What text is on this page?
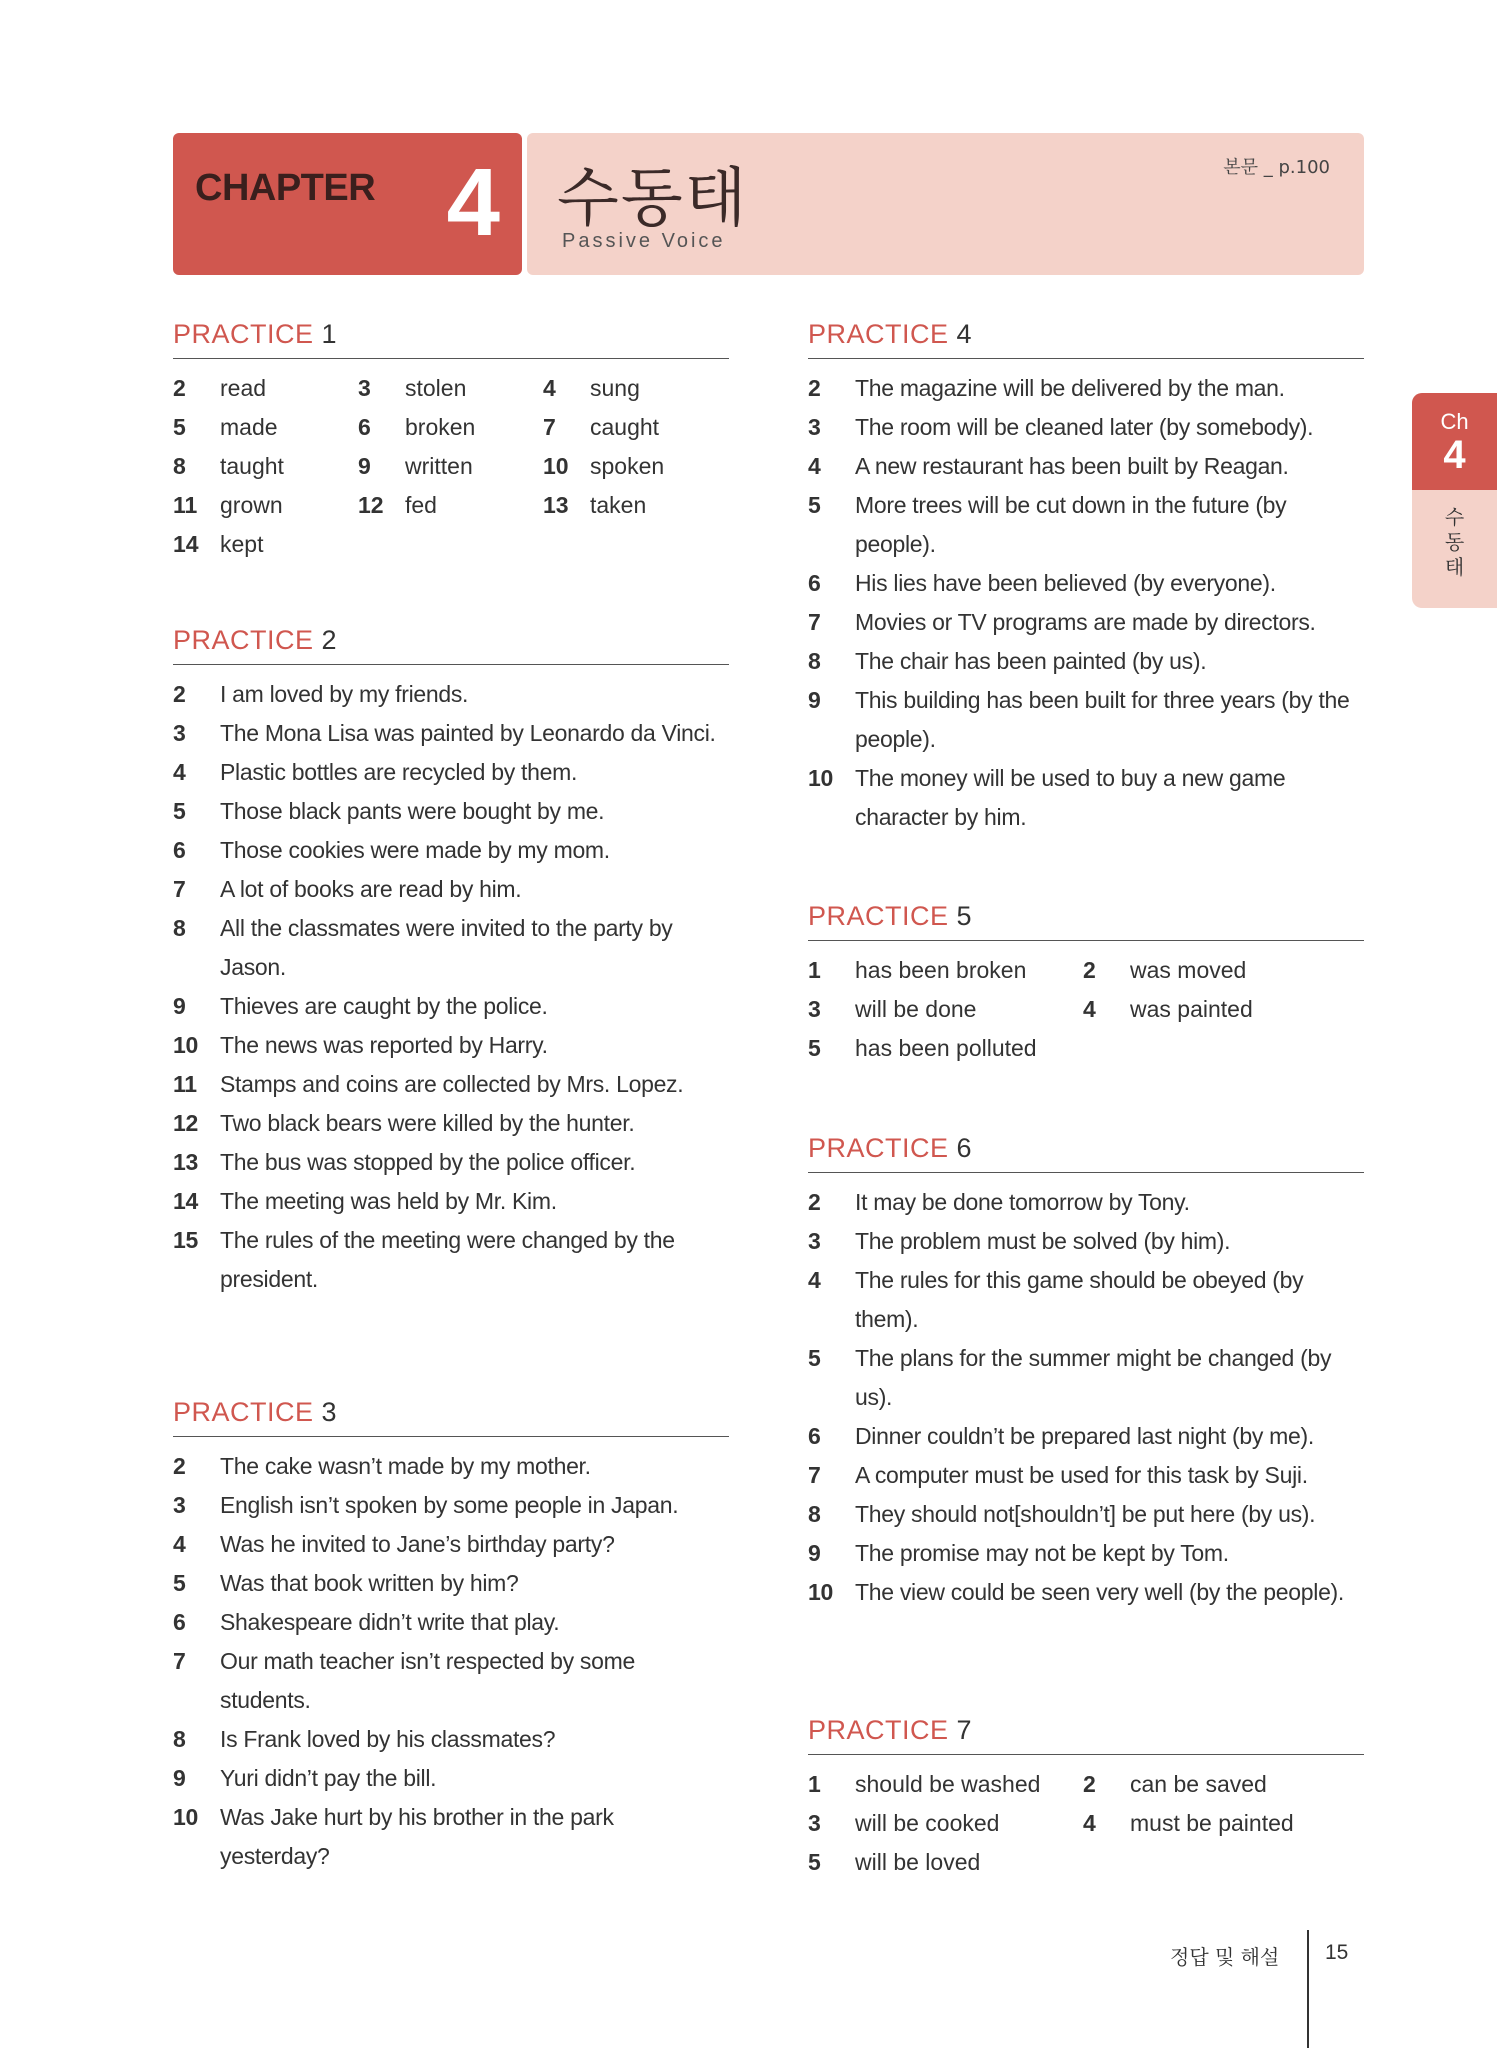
CHAPTER 4 수동태
Passive Voice
본문 _ p.100
Ch
4
수
동
태
PRACTICE 1
2 read	3 stolen	4 sung
5 made	6 broken	7 caught
8 taught	9 written	10 spoken
11 grown	12 fed	13 taken
14 kept
PRACTICE 2
2 I am loved by my friends.
3 The Mona Lisa was painted by Leonardo da Vinci.
4 Plastic bottles are recycled by them.
5 Those black pants were bought by me.
6 Those cookies were made by my mom.
7 A lot of books are read by him.
8 All the classmates were invited to the party by Jason.
9 Thieves are caught by the police.
10 The news was reported by Harry.
11 Stamps and coins are collected by Mrs. Lopez.
12 Two black bears were killed by the hunter.
13 The bus was stopped by the police officer.
14 The meeting was held by Mr. Kim.
15 The rules of the meeting were changed by the president.
PRACTICE 3
2 The cake wasn’t made by my mother.
3 English isn’t spoken by some people in Japan.
4 Was he invited to Jane’s birthday party?
5 Was that book written by him?
6 Shakespeare didn’t write that play.
7 Our math teacher isn’t respected by some students.
8 Is Frank loved by his classmates?
9 Yuri didn’t pay the bill.
10 Was Jake hurt by his brother in the park yesterday?
PRACTICE 4
2 The magazine will be delivered by the man.
3 The room will be cleaned later (by somebody).
4 A new restaurant has been built by Reagan.
5 More trees will be cut down in the future (by people).
6 His lies have been believed (by everyone).
7 Movies or TV programs are made by directors.
8 The chair has been painted (by us).
9 This building has been built for three years (by the people).
10 The money will be used to buy a new game character by him.
PRACTICE 5
1 has been broken 2 was moved
3 will be done	4 was painted
5 has been polluted
PRACTICE 6
2 It may be done tomorrow by Tony.
3 The problem must be solved (by him).
4 The rules for this game should be obeyed (by them).
5 The plans for the summer might be changed (by us).
6 Dinner couldn’t be prepared last night (by me).
7 A computer must be used for this task by Suji.
8 They should not[shouldn’t] be put here (by us).
9 The promise may not be kept by Tom.
10 The view could be seen very well (by the people).
PRACTICE 7
1 should be washed 2 can be saved
3 will be cooked	4 must be painted
5 will be loved
정답 및 해설 15
